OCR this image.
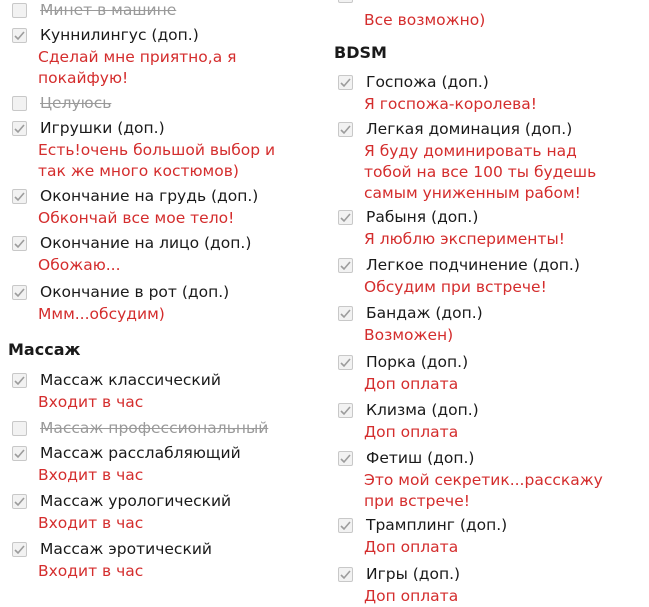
Минет в машине
Куннилингус (доп.)
Сделай мне приятно,а я
покайфую!
Целуюсь
Игрушки (доп.)
Есть!очень большой выбор и
так же много костюмов)
Окончание на грудь (доп.)
Обкончай все мое тело!
Окончание на лицо (доп.)
Обожаю...
Окончание в рот (доп.)
Ммм...обсудим)
Массаж
Массаж классический
Входит в час
Массаж профессиональный
Массаж расслабляющий
Входит в час
Массаж урологический
Входит в час
Массаж эротический
Входит в час
Все возможно)
BDSM
Госпожа (доп.)
Я госпожа-королева!
Легкая доминация (доп.)
Я буду доминировать над
тобой на все 100 ты будешь
самым униженным рабом!
Рабыня (доп.)
Я люблю эксперименты!
Легкое подчинение (доп.)
Обсудим при встрече!
Бандаж (доп.)
Возможен)
Порка (доп.)
Доп оплата
Клизма (доп.)
Доп оплата
Фетиш (доп.)
Это мой секретик...расскажу
при встрече!
Трамплинг (доп.)
Доп оплата
Игры (доп.)
Доп оплата
